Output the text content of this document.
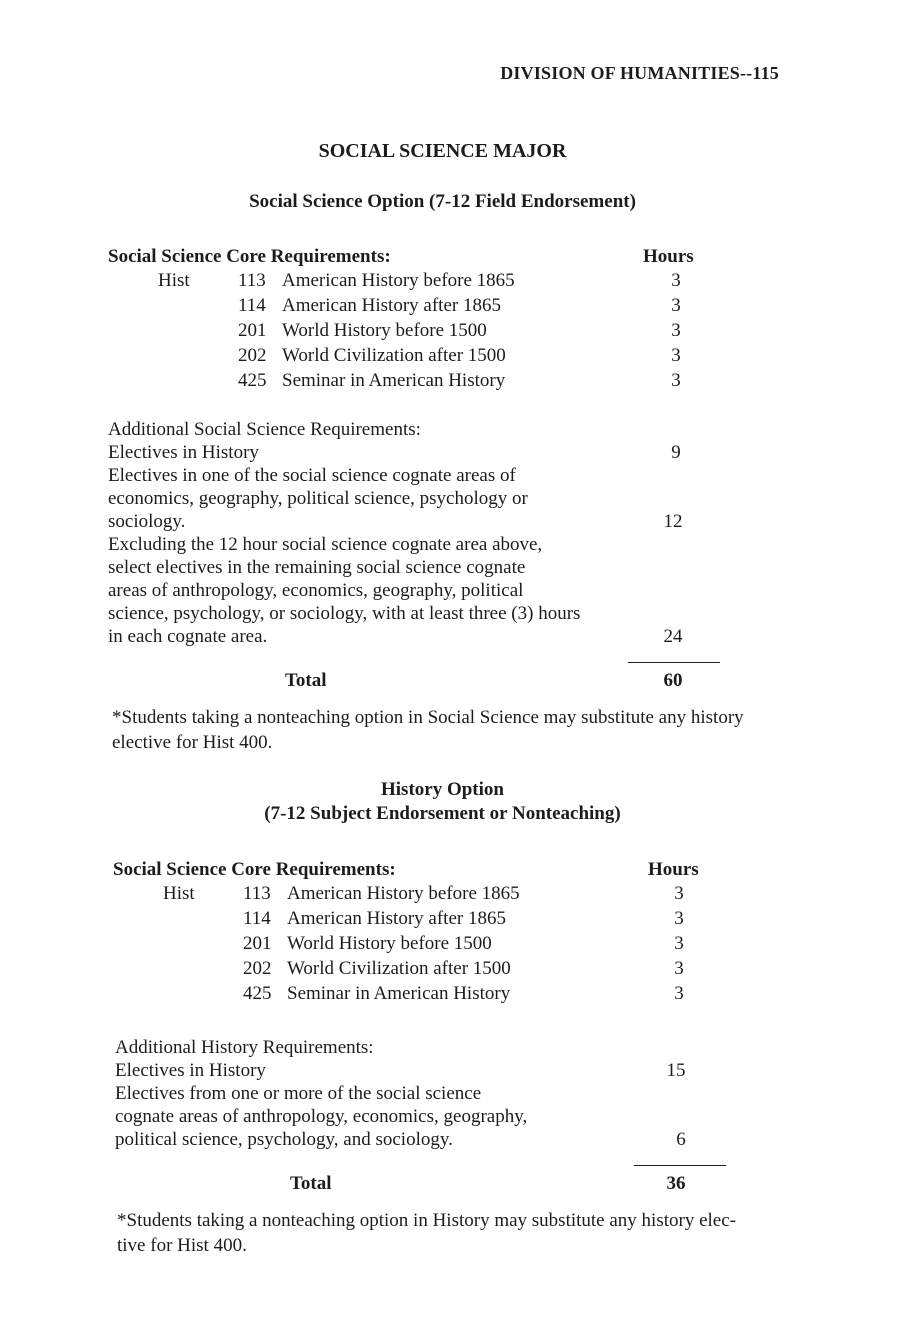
DIVISION OF HUMANITIES--115
SOCIAL SCIENCE MAJOR
Social Science Option (7-12 Field Endorsement)
Social Science Core Requirements:	Hours
Hist	113 American History before 1865	3
114 American History after 1865	3
201 World History before 1500	3
202 World Civilization after 1500	3
425 Seminar in American History	3
Additional Social Science Requirements:
Electives in History	9
Electives in one of the social science cognate areas of
economics, geography, political science, psychology or
sociology.	12
Excluding the 12 hour social science cognate area above,
select electives in the remaining social science cognate
areas of anthropology, economics, geography, political
science, psychology, or sociology, with at least three (3) hours
in each cognate area.	24
Total	60
*Students taking a nonteaching option in Social Science may substitute any history
elective for Hist 400.
History Option
(7-12 Subject Endorsement or Nonteaching)
Social Science Core Requirements:	Hours
Hist	113 American History before 1865	3
114 American History after 1865	3
201 World History before 1500	3
202 World Civilization after 1500	3
425 Seminar in American History	3
Additional History Requirements:
Electives in History	15
Electives from one or more of the social science
cognate areas of anthropology, economics, geography,
political science, psychology, and sociology.	6
Total	36
*Students taking a nonteaching option in History may substitute any history elec-
tive for Hist 400.
